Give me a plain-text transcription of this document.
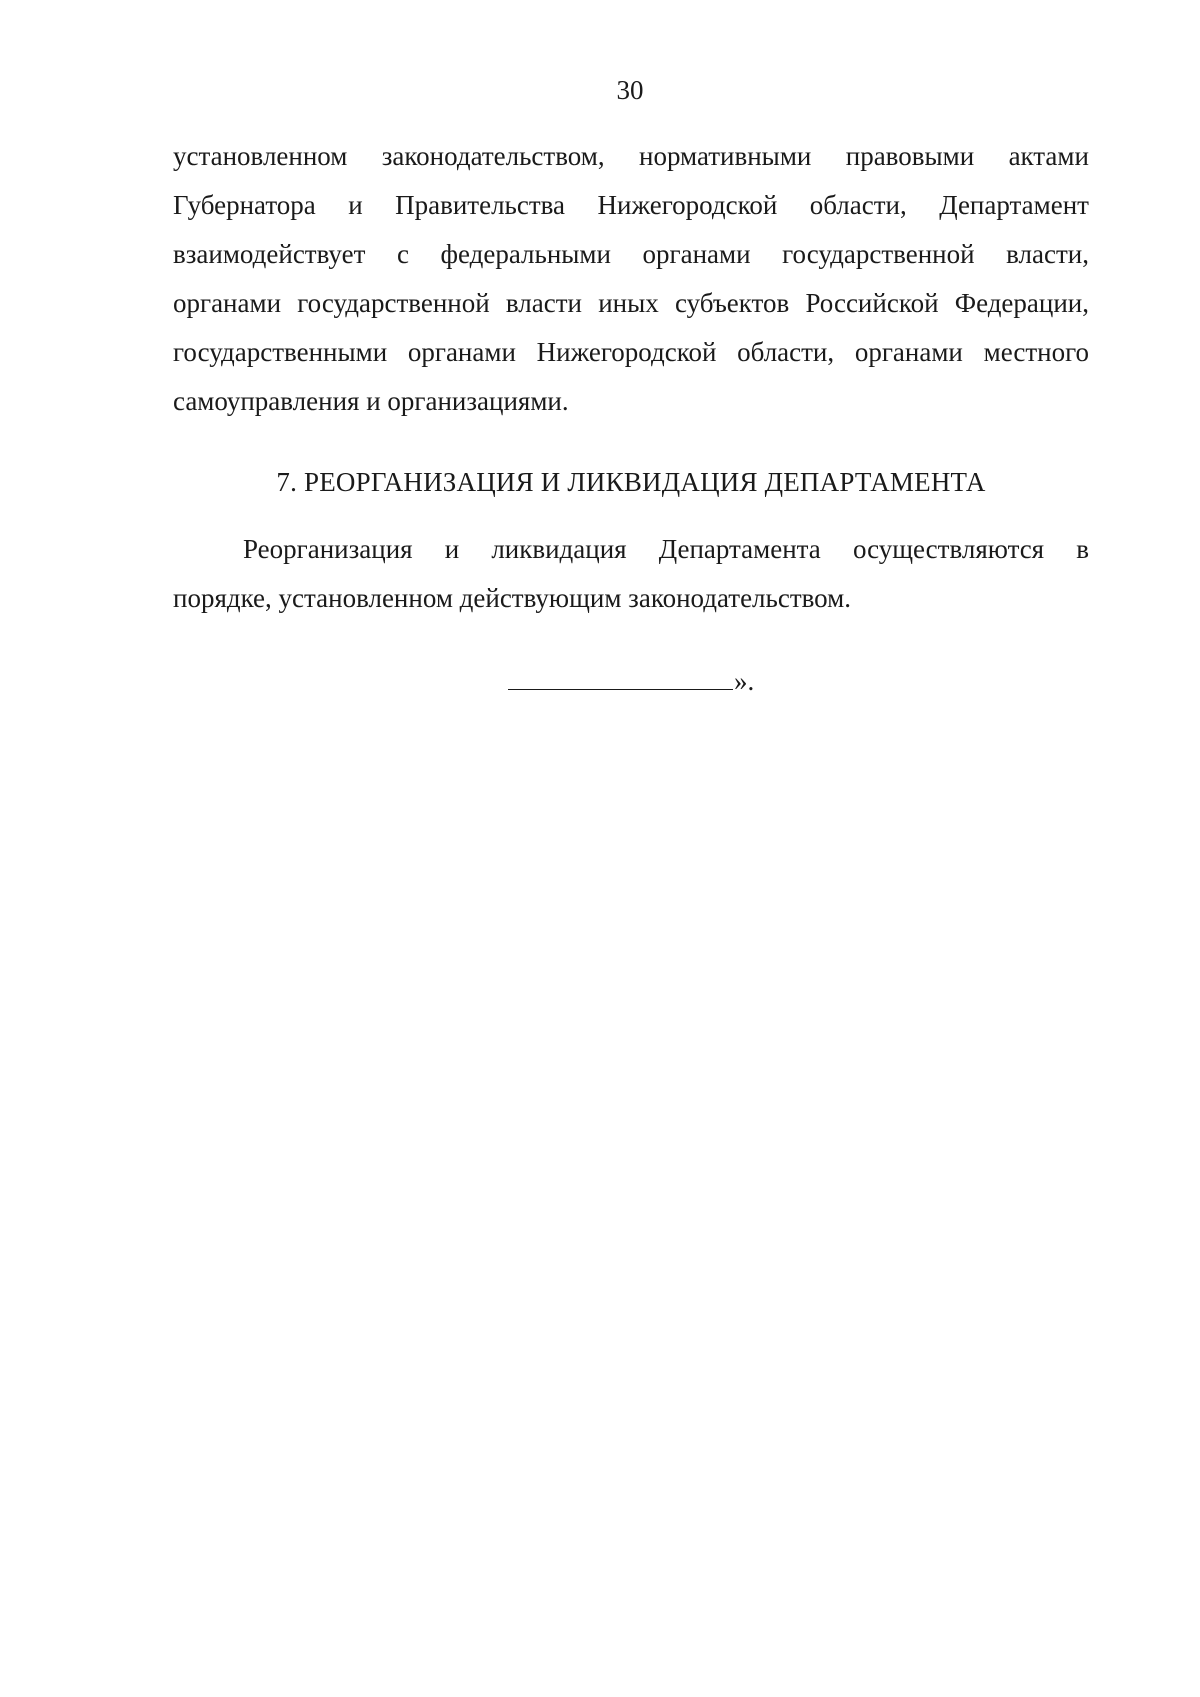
30
установленном законодательством, нормативными правовыми актами
Губернатора и Правительства Нижегородской области, Департамент
взаимодействует с федеральными органами государственной власти,
органами государственной власти иных субъектов Российской Федерации,
государственными органами Нижегородской области, органами местного
самоуправления и организациями.
7. РЕОРГАНИЗАЦИЯ И ЛИКВИДАЦИЯ ДЕПАРТАМЕНТА
Реорганизация и ликвидация Департамента осуществляются в
порядке, установленном действующим законодательством.
».
